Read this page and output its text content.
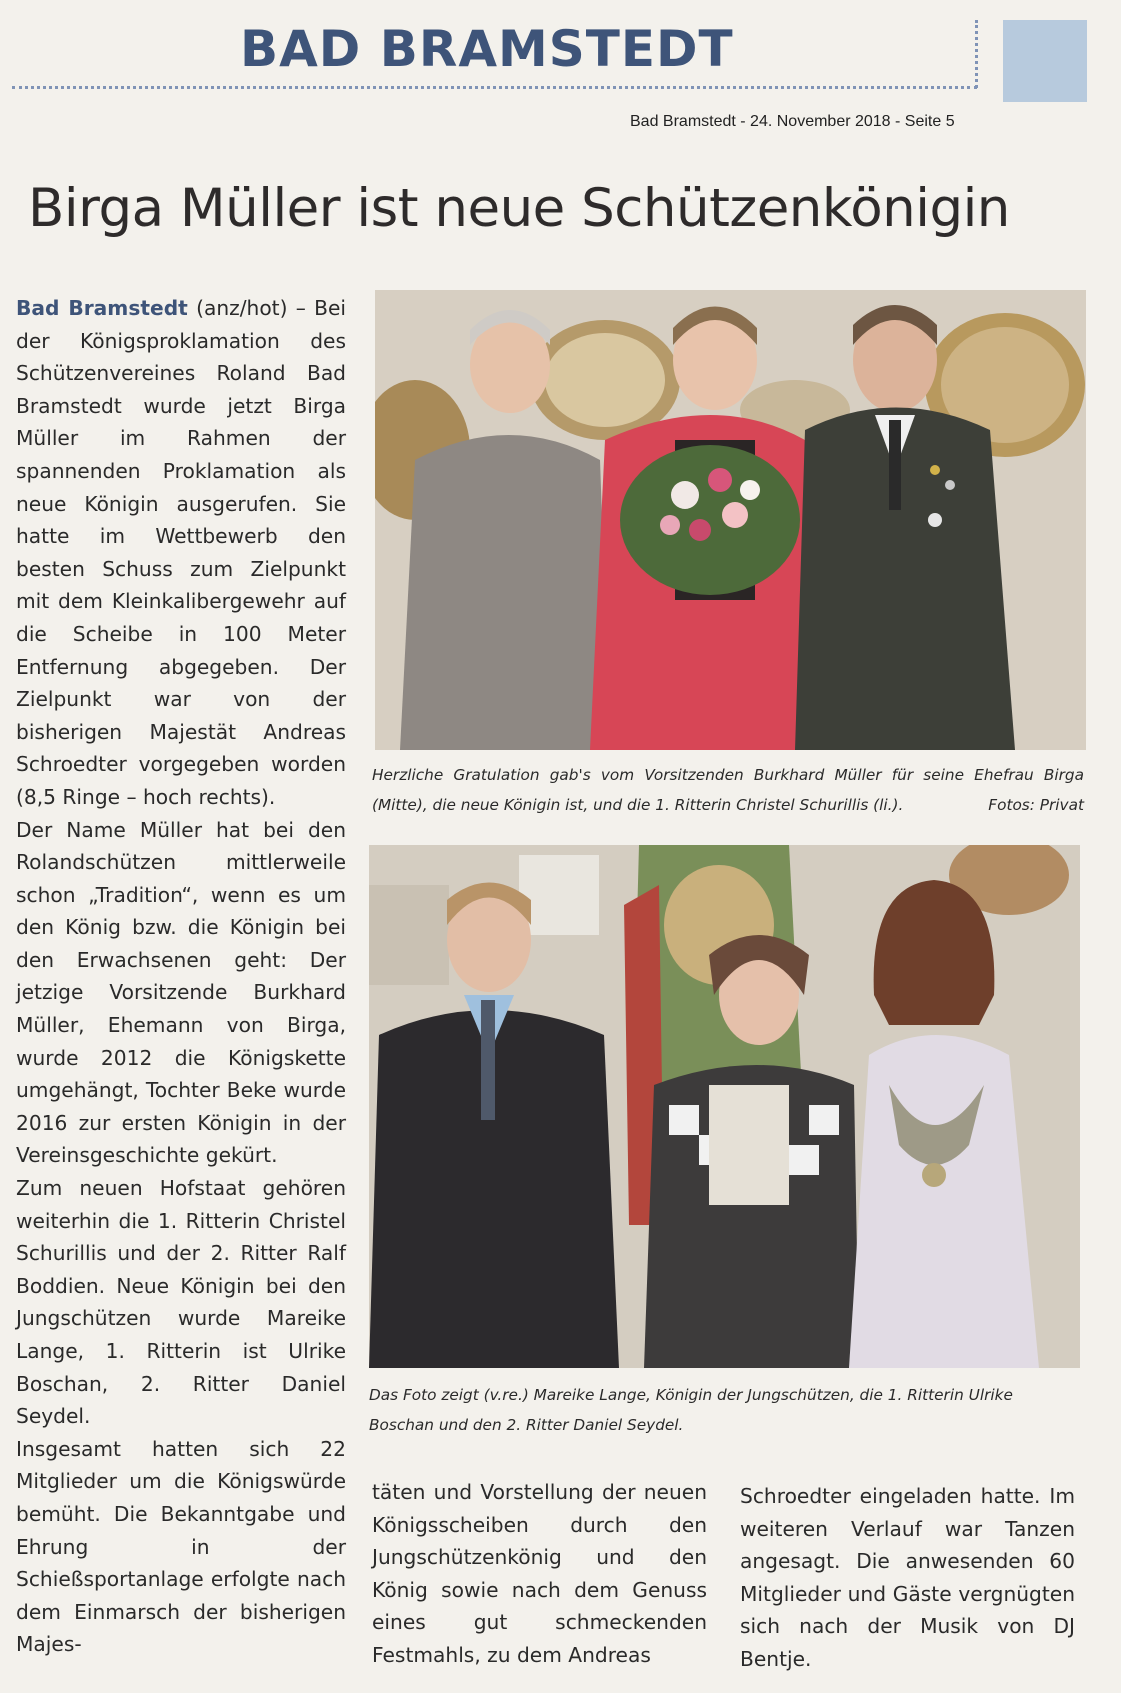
BAD BRAMSTEDT
Bad Bramstedt - 24. November 2018 - Seite 5
Birga Müller ist neue Schützenkönigin

Bad Bramstedt (anz/hot) – Bei der Königsproklamation des Schützenvereines Roland Bad Bramstedt wurde jetzt Birga Müller im Rahmen der spannenden Proklamation als neue Königin ausgerufen. Sie hatte im Wettbewerb den besten Schuss zum Zielpunkt mit dem Kleinkalibergewehr auf die Scheibe in 100 Meter Entfernung abgegeben. Der Zielpunkt war von der bisherigen Majestät Andreas Schroedter vorgegeben worden (8,5 Ringe – hoch rechts).

Der Name Müller hat bei den Rolandschützen mittlerweile schon „Tradition“, wenn es um den König bzw. die Königin bei den Erwachsenen geht: Der jetzige Vorsitzende Burkhard Müller, Ehemann von Birga, wurde 2012 die Königskette umgehängt, Tochter Beke wurde 2016 zur ersten Königin in der Vereinsgeschichte gekürt.

Zum neuen Hofstaat gehören weiterhin die 1. Ritterin Christel Schurillis und der 2. Ritter Ralf Boddien. Neue Königin bei den Jungschützen wurde Mareike Lange, 1. Ritterin ist Ulrike Boschan, 2. Ritter Daniel Seydel.

Insgesamt hatten sich 22 Mitglieder um die Königswürde bemüht. Die Bekanntgabe und Ehrung in der Schießsportanlage erfolgte nach dem Einmarsch der bisherigen Majes-

Herzliche Gratulation gab's vom Vorsitzenden Burkhard Müller für seine Ehefrau Birga (Mitte), die neue Königin ist, und die 1. Ritterin Christel Schurillis (li.).	Fotos: Privat
Das Foto zeigt (v.re.) Mareike Lange, Königin der Jungschützen, die 1. Ritterin Ulrike Boschan und den 2. Ritter Daniel Seydel.

täten und Vorstellung der neuen Königsscheiben durch den Jungschützenkönig und den König sowie nach dem Genuss eines gut schmeckenden Festmahls, zu dem Andreas

Schroedter eingeladen hatte. Im weiteren Verlauf war Tanzen angesagt. Die anwesenden 60 Mitglieder und Gäste vergnügten sich nach der Musik von DJ Bentje.
